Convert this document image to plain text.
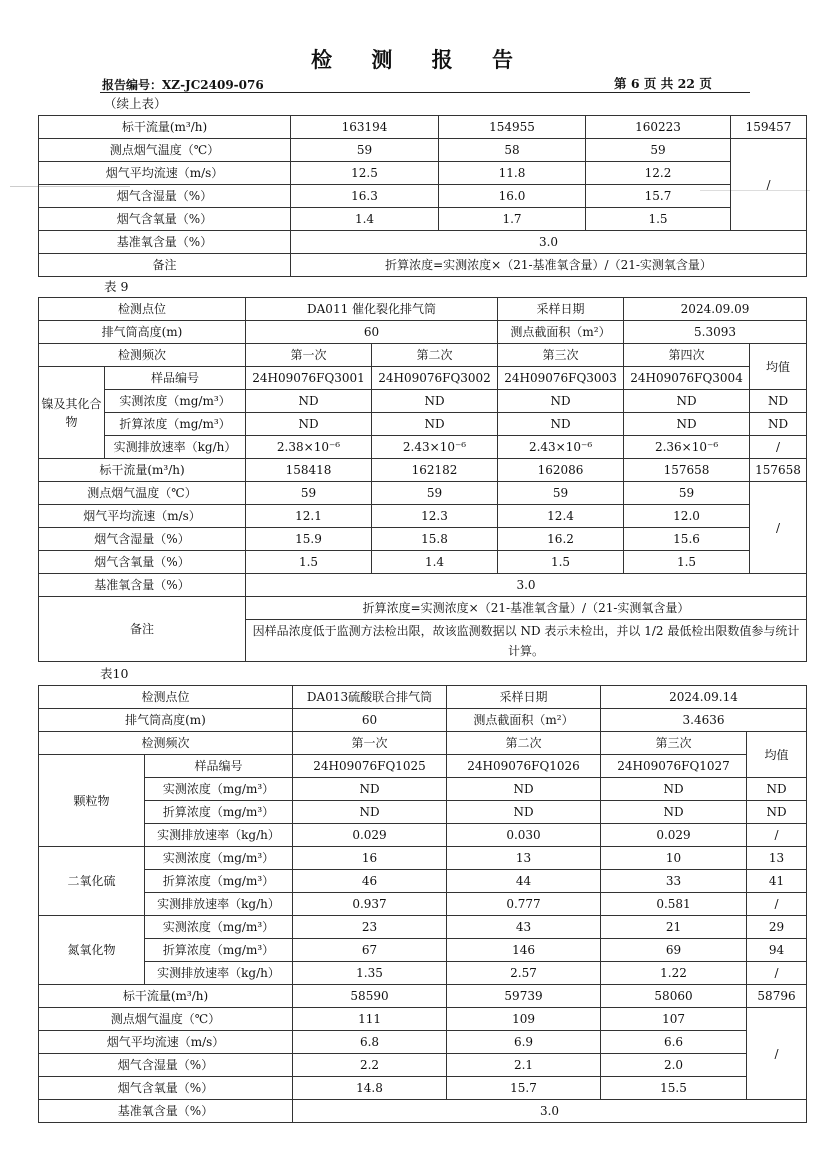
检 测 报 告
报告编号：XZ-JC2409-076	第 6 页 共 22 页
（续上表）
标干流量(m³/h)	163194	154955	160223	159457
测点烟气温度（℃）	59	58	59	/
烟气平均流速（m/s）	12.5	11.8	12.2	
烟气含湿量（%）	16.3	16.0	15.7	
烟气含氧量（%）	1.4	1.7	1.5	
基准氧含量（%）	3.0			
备注	折算浓度=实测浓度×（21-基准氧含量）/（21-实测氧含量）			
表 9
检测点位		DA011 催化裂化排气筒		采样日期	2024.09.09	
排气筒高度(m)		60		测点截面积（m²）	5.3093	
检测频次		第一次	第二次	第三次	第四次	均值
镍及其化合物	样品编号	24H09076FQ3001	24H09076FQ3002	24H09076FQ3003	24H09076FQ3004	
	实测浓度（mg/m³）	ND	ND	ND	ND	ND
	折算浓度（mg/m³）	ND	ND	ND	ND	ND
	实测排放速率（kg/h）	2.38×10⁻⁶	2.43×10⁻⁶	2.43×10⁻⁶	2.36×10⁻⁶	/
标干流量(m³/h)		158418	162182	162086	157658	157658
测点烟气温度（℃）		59	59	59	59	/
烟气平均流速（m/s）		12.1	12.3	12.4	12.0	
烟气含湿量（%）		15.9	15.8	16.2	15.6	
烟气含氧量（%）		1.5	1.4	1.5	1.5	
基准氧含量（%）		3.0				
备注		折算浓度=实测浓度×（21-基准氧含量）/（21-实测氧含量）				
		因样品浓度低于监测方法检出限，故该监测数据以 ND 表示未检出，并以 1/2 最低检出限数值参与统计计算。				
表10
检测点位		DA013硫酸联合排气筒	采样日期	2024.09.14	
排气筒高度(m)		60	测点截面积（m²）	3.4636	
检测频次		第一次	第二次	第三次	均值
颗粒物	样品编号	24H09076FQ1025	24H09076FQ1026	24H09076FQ1027	
	实测浓度（mg/m³）	ND	ND	ND	ND
	折算浓度（mg/m³）	ND	ND	ND	ND
	实测排放速率（kg/h）	0.029	0.030	0.029	/
二氧化硫	实测浓度（mg/m³）	16	13	10	13
	折算浓度（mg/m³）	46	44	33	41
	实测排放速率（kg/h）	0.937	0.777	0.581	/
氮氧化物	实测浓度（mg/m³）	23	43	21	29
	折算浓度（mg/m³）	67	146	69	94
	实测排放速率（kg/h）	1.35	2.57	1.22	/
标干流量(m³/h)		58590	59739	58060	58796
测点烟气温度（℃）		111	109	107	/
烟气平均流速（m/s）		6.8	6.9	6.6	
烟气含湿量（%）		2.2	2.1	2.0	
烟气含氧量（%）		14.8	15.7	15.5	
基准氧含量（%）		3.0			
